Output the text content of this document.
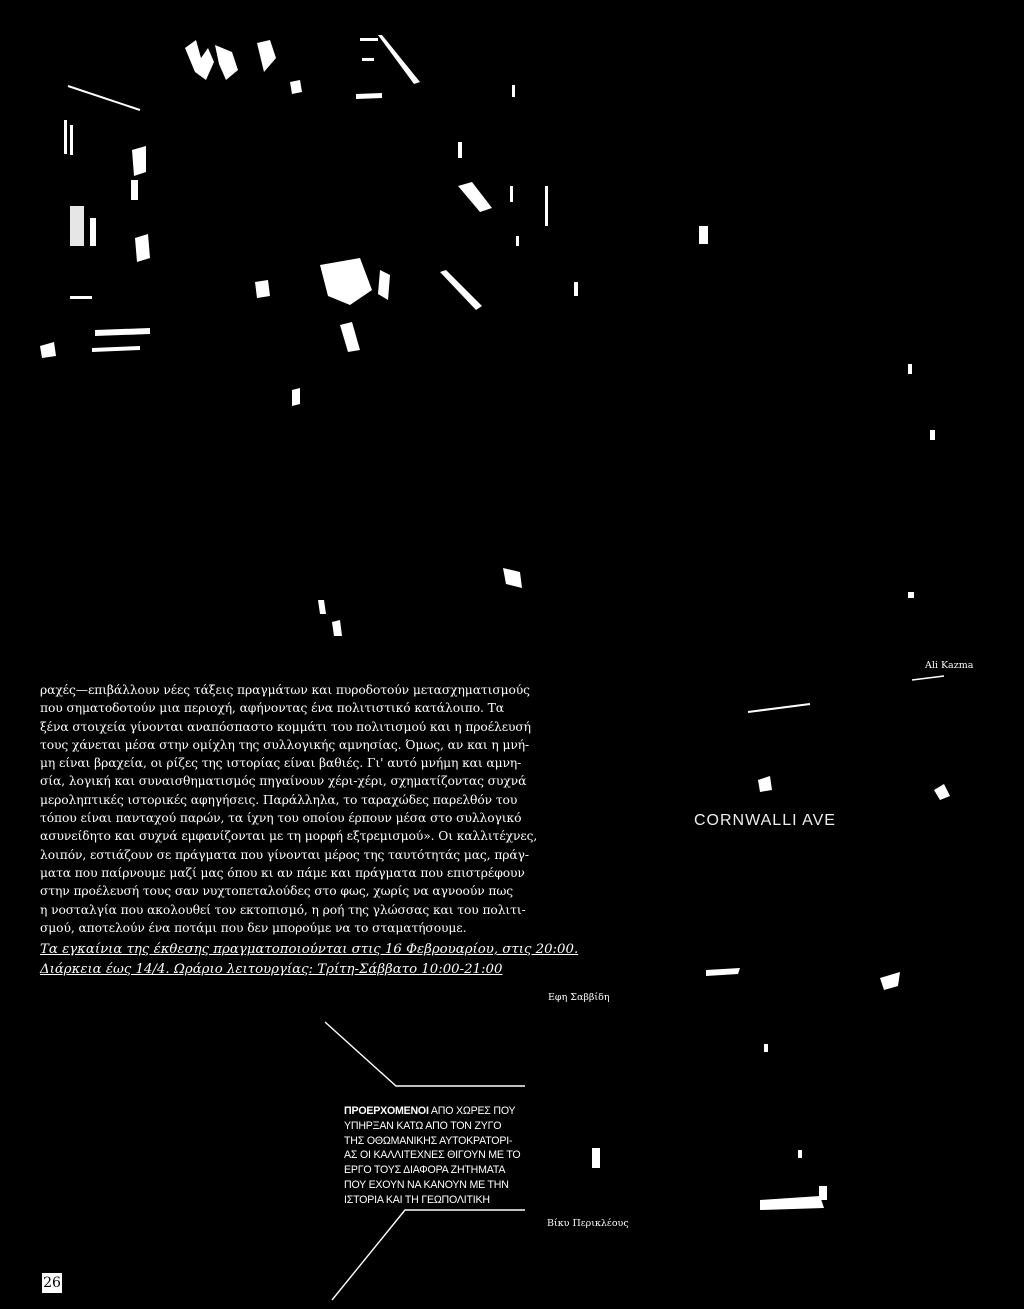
Ali Kazma
ραχές—επιβάλλουν νέες τάξεις πραγμάτων και πυροδοτούν μετασχηματισμούς
που σηματοδοτούν μια περιοχή, αφήνοντας ένα πολιτιστικό κατάλοιπο. Τα
ξένα στοιχεία γίνονται αναπόσπαστο κομμάτι του πολιτισμού και η προέλευσή
τους χάνεται μέσα στην ομίχλη της συλλογικής αμνησίας. Όμως, αν και η μνή-
μη είναι βραχεία, οι ρίζες της ιστορίας είναι βαθιές. Γι' αυτό μνήμη και αμνη-
σία, λογική και συναισθηματισμός πηγαίνουν χέρι-χέρι, σχηματίζοντας συχνά
μεροληπτικές ιστορικές αφηγήσεις. Παράλληλα, το ταραχώδες παρελθόν του
τόπου είναι πανταχού παρών, τα ίχνη του οποίου έρπουν μέσα στο συλλογικό
ασυνείδητο και συχνά εμφανίζονται με τη μορφή εξτρεμισμού». Οι καλλιτέχνες,
λοιπόν, εστιάζουν σε πράγματα που γίνονται μέρος της ταυτότητάς μας, πράγ-
ματα που παίρνουμε μαζί μας όπου κι αν πάμε και πράγματα που επιστρέφουν
στην προέλευσή τους σαν νυχτοπεταλούδες στο φως, χωρίς να αγνοούν πως
η νοσταλγία που ακολουθεί τον εκτοπισμό, η ροή της γλώσσας και του πολιτι-
σμού, αποτελούν ένα ποτάμι που δεν μπορούμε να το σταματήσουμε.
CORNWALLI AVE
Τα εγκαίνια της έκθεσης πραγματοποιούνται στις 16 Φεβρουαρίου, στις 20:00.
Διάρκεια έως 14/4. Ωράριο λειτουργίας: Τρίτη-Σάββατο 10:00-21:00
Εφη Σαββίδη
ΠΡΟΕΡΧΟΜΕΝΟΙ ΑΠΟ ΧΩΡΕΣ ΠΟΥ
ΥΠΗΡΞΑΝ ΚΑΤΩ ΑΠΟ ΤΟΝ ΖΥΓΟ
ΤΗΣ ΟΘΩΜΑΝΙΚΗΣ ΑΥΤΟΚΡΑΤΟΡΙ-
ΑΣ ΟΙ ΚΑΛΛΙΤΕΧΝΕΣ ΘΙΓΟΥΝ ΜΕ ΤΟ
ΕΡΓΟ ΤΟΥΣ ΔΙΑΦΟΡΑ ΖΗΤΗΜΑΤΑ
ΠΟΥ ΕΧΟΥΝ ΝΑ ΚΑΝΟΥΝ ΜΕ ΤΗΝ
ΙΣΤΟΡΙΑ ΚΑΙ ΤΗ ΓΕΩΠΟΛΙΤΙΚΗ
Βίκυ Περικλέους
26
